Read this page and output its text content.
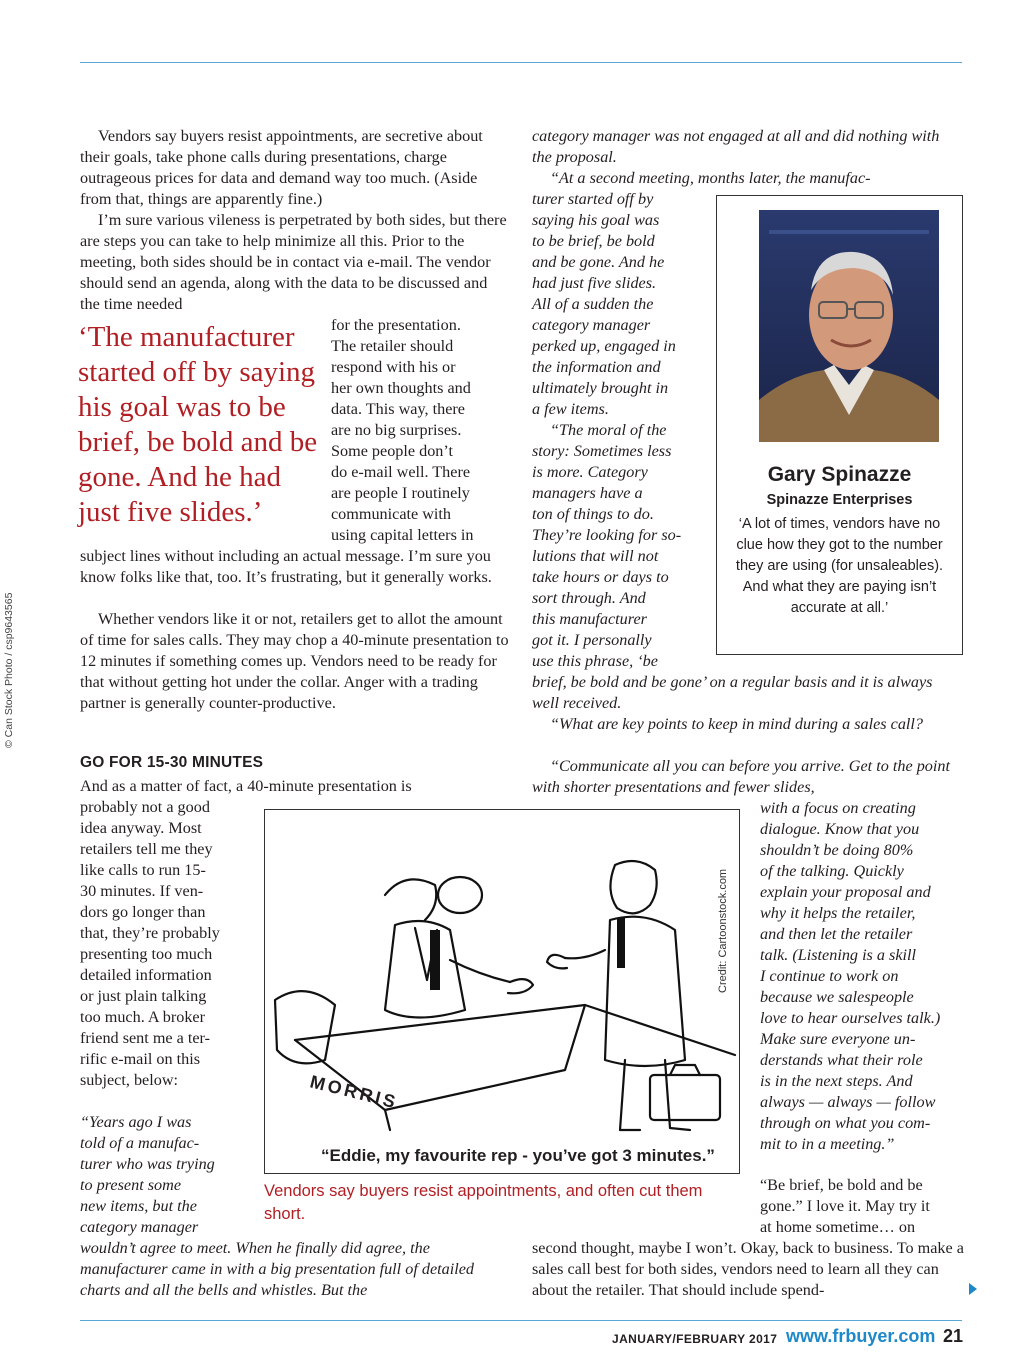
Vendors say buyers resist appointments, are secretive about their goals, take phone calls during presentations, charge outrageous prices for data and demand way too much. (Aside from that, things are apparently fine.)

I’m sure various vileness is perpetrated by both sides, but there are steps you can take to help minimize all this. Prior to the meeting, both sides should be in contact via e-mail. The vendor should send an agenda, along with the data to be discussed and the time needed

for the presentation.
The retailer should
respond with his or
her own thoughts and
data. This way, there
are no big surprises.
Some people don’t
do e-mail well. There
are people I routinely
communicate with
using capital letters in
‘The manufacturer started off by saying his goal was to be brief, be bold and be gone. And he had just five slides.’

subject lines without including an actual message. I’m sure you know folks like that, too. It’s frustrating, but it generally works.

Whether vendors like it or not, retailers get to allot the amount of time for sales calls. They may chop a 40-minute presentation to 12 minutes if something comes up. Vendors need to be ready for that without getting hot under the collar. Anger with a trading partner is generally counter-productive.

GO FOR 15-30 MINUTES

And as a matter of fact, a 40-minute presentation is

probably not a good
idea anyway. Most
retailers tell me they
like calls to run 15-
30 minutes. If ven-
dors go longer than
that, they’re probably
presenting too much
detailed information
or just plain talking
too much. A broker
friend sent me a ter-
rific e-mail on this
subject, below:
“Years ago I was
told of a manufac-
turer who was trying
to present some
new items, but the
category manager

wouldn’t agree to meet. When he finally did agree, the manufacturer came in with a big presentation full of detailed charts and all the bells and whistles. But the

category manager was not engaged at all and did nothing with the proposal.

“At a second meeting, months later, the manufac-

turer started off by
saying his goal was
to be brief, be bold
and be gone. And he
had just five slides.
All of a sudden the
category manager
perked up, engaged in
the information and
ultimately brought in
a few items.
“The moral of the
story: Sometimes less
is more. Category
managers have a
ton of things to do.
They’re looking for so-
lutions that will not
take hours or days to
sort through. And
this manufacturer
got it. I personally
use this phrase, ‘be

brief, be bold and be gone’ on a regular basis and it is always well received.

“What are key points to keep in mind during a sales call?

“Communicate all you can before you arrive. Get to the point with shorter presentations and fewer slides,

with a focus on creating
dialogue. Know that you
shouldn’t be doing 80%
of the talking. Quickly
explain your proposal and
why it helps the retailer,
and then let the retailer
talk. (Listening is a skill
I continue to work on
because we salespeople
love to hear ourselves talk.)
Make sure everyone un-
derstands what their role
is in the next steps. And
always — always — follow
through on what you com-
mit to in a meeting.”
“Be brief, be bold and be
gone.” I love it. May try it
at home sometime… on

second thought, maybe I won’t. Okay, back to business. To make a sales call best for both sides, vendors need to learn all they can about the retailer. That should include spend-

Gary Spinazze
Spinazze Enterprises
‘A lot of times, vendors have no clue how they got to the number they are using (for unsaleables). And what they are paying isn’t accurate at all.’
MORRIS
“Eddie, my favourite rep - you’ve got 3 minutes.”
Credit: Cartoonstock.com
Vendors say buyers resist appointments, and often cut them short.
© Can Stock Photo / csp9643565
JANUARY/FEBRUARY 2017 www.frbuyer.com 21
